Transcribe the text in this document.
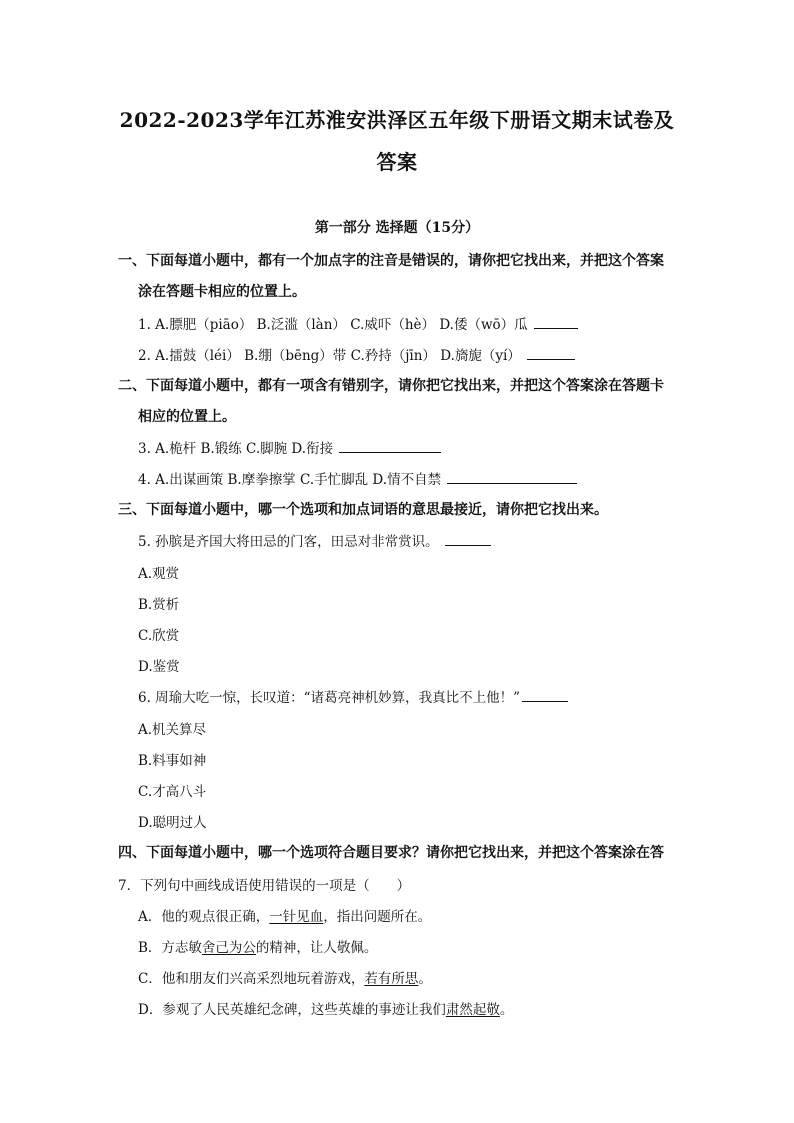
2022-2023学年江苏淮安洪泽区五年级下册语文期末试卷及
答案
第一部分 选择题（15分）
一、下面每道小题中，都有一个加点字的注音是错误的，请你把它找出来，并把这个答案
涂在答题卡相应的位置上。
1. A.膘肥（piāo） B.泛滥（làn） C.威吓（hè） D.倭（wō）瓜
2. A.擂鼓（léi） B.绷（bēng）带 C.矜持（jīn） D.旖旎（yí）
二、下面每道小题中，都有一项含有错别字，请你把它找出来，并把这个答案涂在答题卡
相应的位置上。
3. A.桅杆 B.锻练 C.脚腕 D.衔接
4. A.出谋画策 B.摩拳擦掌 C.手忙脚乱 D.情不自禁
三、下面每道小题中，哪一个选项和加点词语的意思最接近，请你把它找出来。
5. 孙膑是齐国大将田忌的门客，田忌对非常赏识。
A.观赏
B.赏析
C.欣赏
D.鉴赏
6. 周瑜大吃一惊，长叹道：“诸葛亮神机妙算，我真比不上他！”
A.机关算尽
B.料事如神
C.才高八斗
D.聪明过人
四、下面每道小题中，哪一个选项符合题目要求？请你把它找出来，并把这个答案涂在答
7．下列句中画线成语使用错误的一项是（　　）
A．他的观点很正确，一针见血，指出问题所在。
B．方志敏舍己为公的精神，让人敬佩。
C．他和朋友们兴高采烈地玩着游戏，若有所思。
D．参观了人民英雄纪念碑，这些英雄的事迹让我们肃然起敬。
